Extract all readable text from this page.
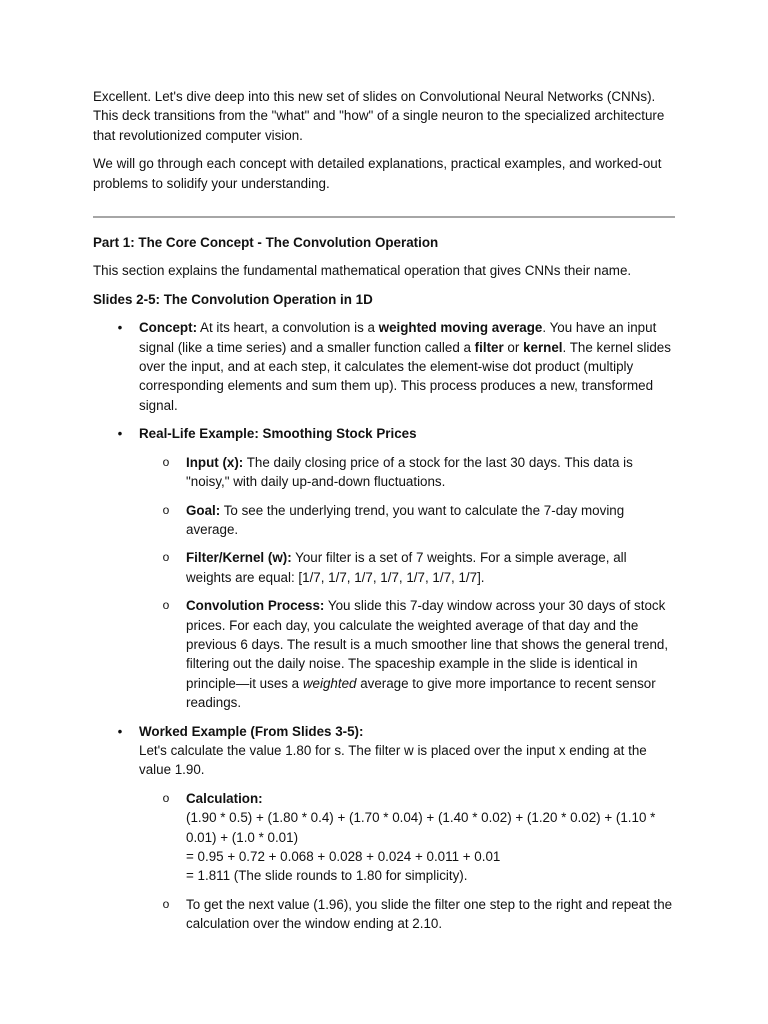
Excellent. Let's dive deep into this new set of slides on Convolutional Neural Networks (CNNs). This deck transitions from the "what" and "how" of a single neuron to the specialized architecture that revolutionized computer vision.

We will go through each concept with detailed explanations, practical examples, and worked-out problems to solidify your understanding.

Part 1: The Core Concept - The Convolution Operation

This section explains the fundamental mathematical operation that gives CNNs their name.

Slides 2-5: The Convolution Operation in 1D

• Concept: At its heart, a convolution is a weighted moving average. You have an input signal (like a time series) and a smaller function called a filter or kernel. The kernel slides over the input, and at each step, it calculates the element-wise dot product (multiply corresponding elements and sum them up). This process produces a new, transformed signal.
• Real-Life Example: Smoothing Stock Prices
o Input (x): The daily closing price of a stock for the last 30 days. This data is "noisy," with daily up-and-down fluctuations.
o Goal: To see the underlying trend, you want to calculate the 7-day moving average.
o Filter/Kernel (w): Your filter is a set of 7 weights. For a simple average, all weights are equal: [1/7, 1/7, 1/7, 1/7, 1/7, 1/7, 1/7].
o Convolution Process: You slide this 7-day window across your 30 days of stock prices. For each day, you calculate the weighted average of that day and the previous 6 days. The result is a much smoother line that shows the general trend, filtering out the daily noise. The spaceship example in the slide is identical in principle—it uses a weighted average to give more importance to recent sensor readings.
• Worked Example (From Slides 3-5):
Let's calculate the value 1.80 for s. The filter w is placed over the input x ending at the value 1.90.
o Calculation:
(1.90 * 0.5) + (1.80 * 0.4) + (1.70 * 0.04) + (1.40 * 0.02) + (1.20 * 0.02) + (1.10 * 0.01) + (1.0 * 0.01)
= 0.95 + 0.72 + 0.068 + 0.028 + 0.024 + 0.011 + 0.01
= 1.811 (The slide rounds to 1.80 for simplicity).
o To get the next value (1.96), you slide the filter one step to the right and repeat the calculation over the window ending at 2.10.
